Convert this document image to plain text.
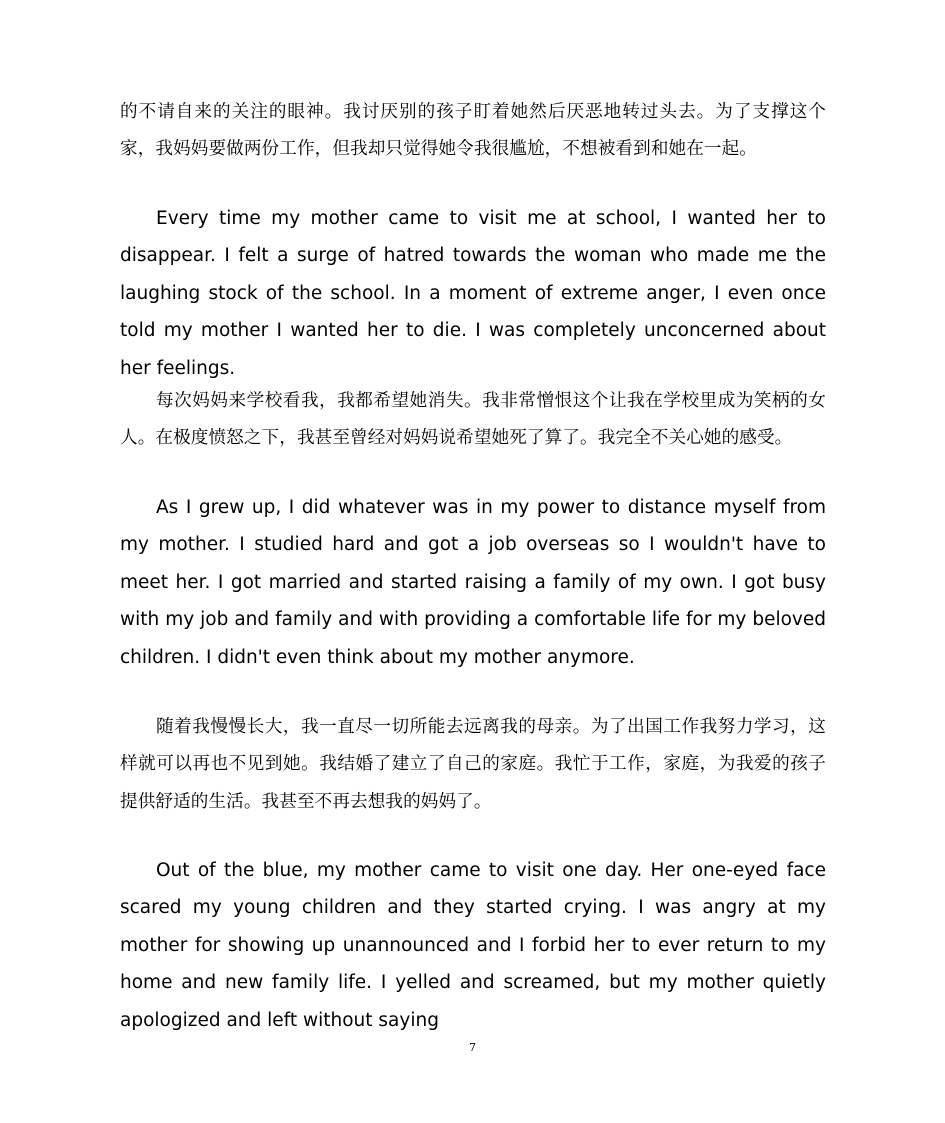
的不请自来的关注的眼神。我讨厌别的孩子盯着她然后厌恶地转过头去。为了支撑这个家，我妈妈要做两份工作，但我却只觉得她令我很尴尬，不想被看到和她在一起。

Every time my mother came to visit me at school, I wanted her to disappear. I felt a surge of hatred towards the woman who made me the laughing stock of the school. In a moment of extreme anger, I even once told my mother I wanted her to die. I was completely unconcerned about her feelings.

每次妈妈来学校看我，我都希望她消失。我非常憎恨这个让我在学校里成为笑柄的女人。在极度愤怒之下，我甚至曾经对妈妈说希望她死了算了。我完全不关心她的感受。

As I grew up, I did whatever was in my power to distance myself from my mother. I studied hard and got a job overseas so I wouldn't have to meet her. I got married and started raising a family of my own. I got busy with my job and family and with providing a comfortable life for my beloved children. I didn't even think about my mother anymore.

随着我慢慢长大，我一直尽一切所能去远离我的母亲。为了出国工作我努力学习，这样就可以再也不见到她。我结婚了建立了自己的家庭。我忙于工作，家庭，为我爱的孩子提供舒适的生活。我甚至不再去想我的妈妈了。

Out of the blue, my mother came to visit one day. Her one-eyed face scared my young children and they started crying. I was angry at my mother for showing up unannounced and I forbid her to ever return to my home and new family life. I yelled and screamed, but my mother quietly apologized and left without saying

7
